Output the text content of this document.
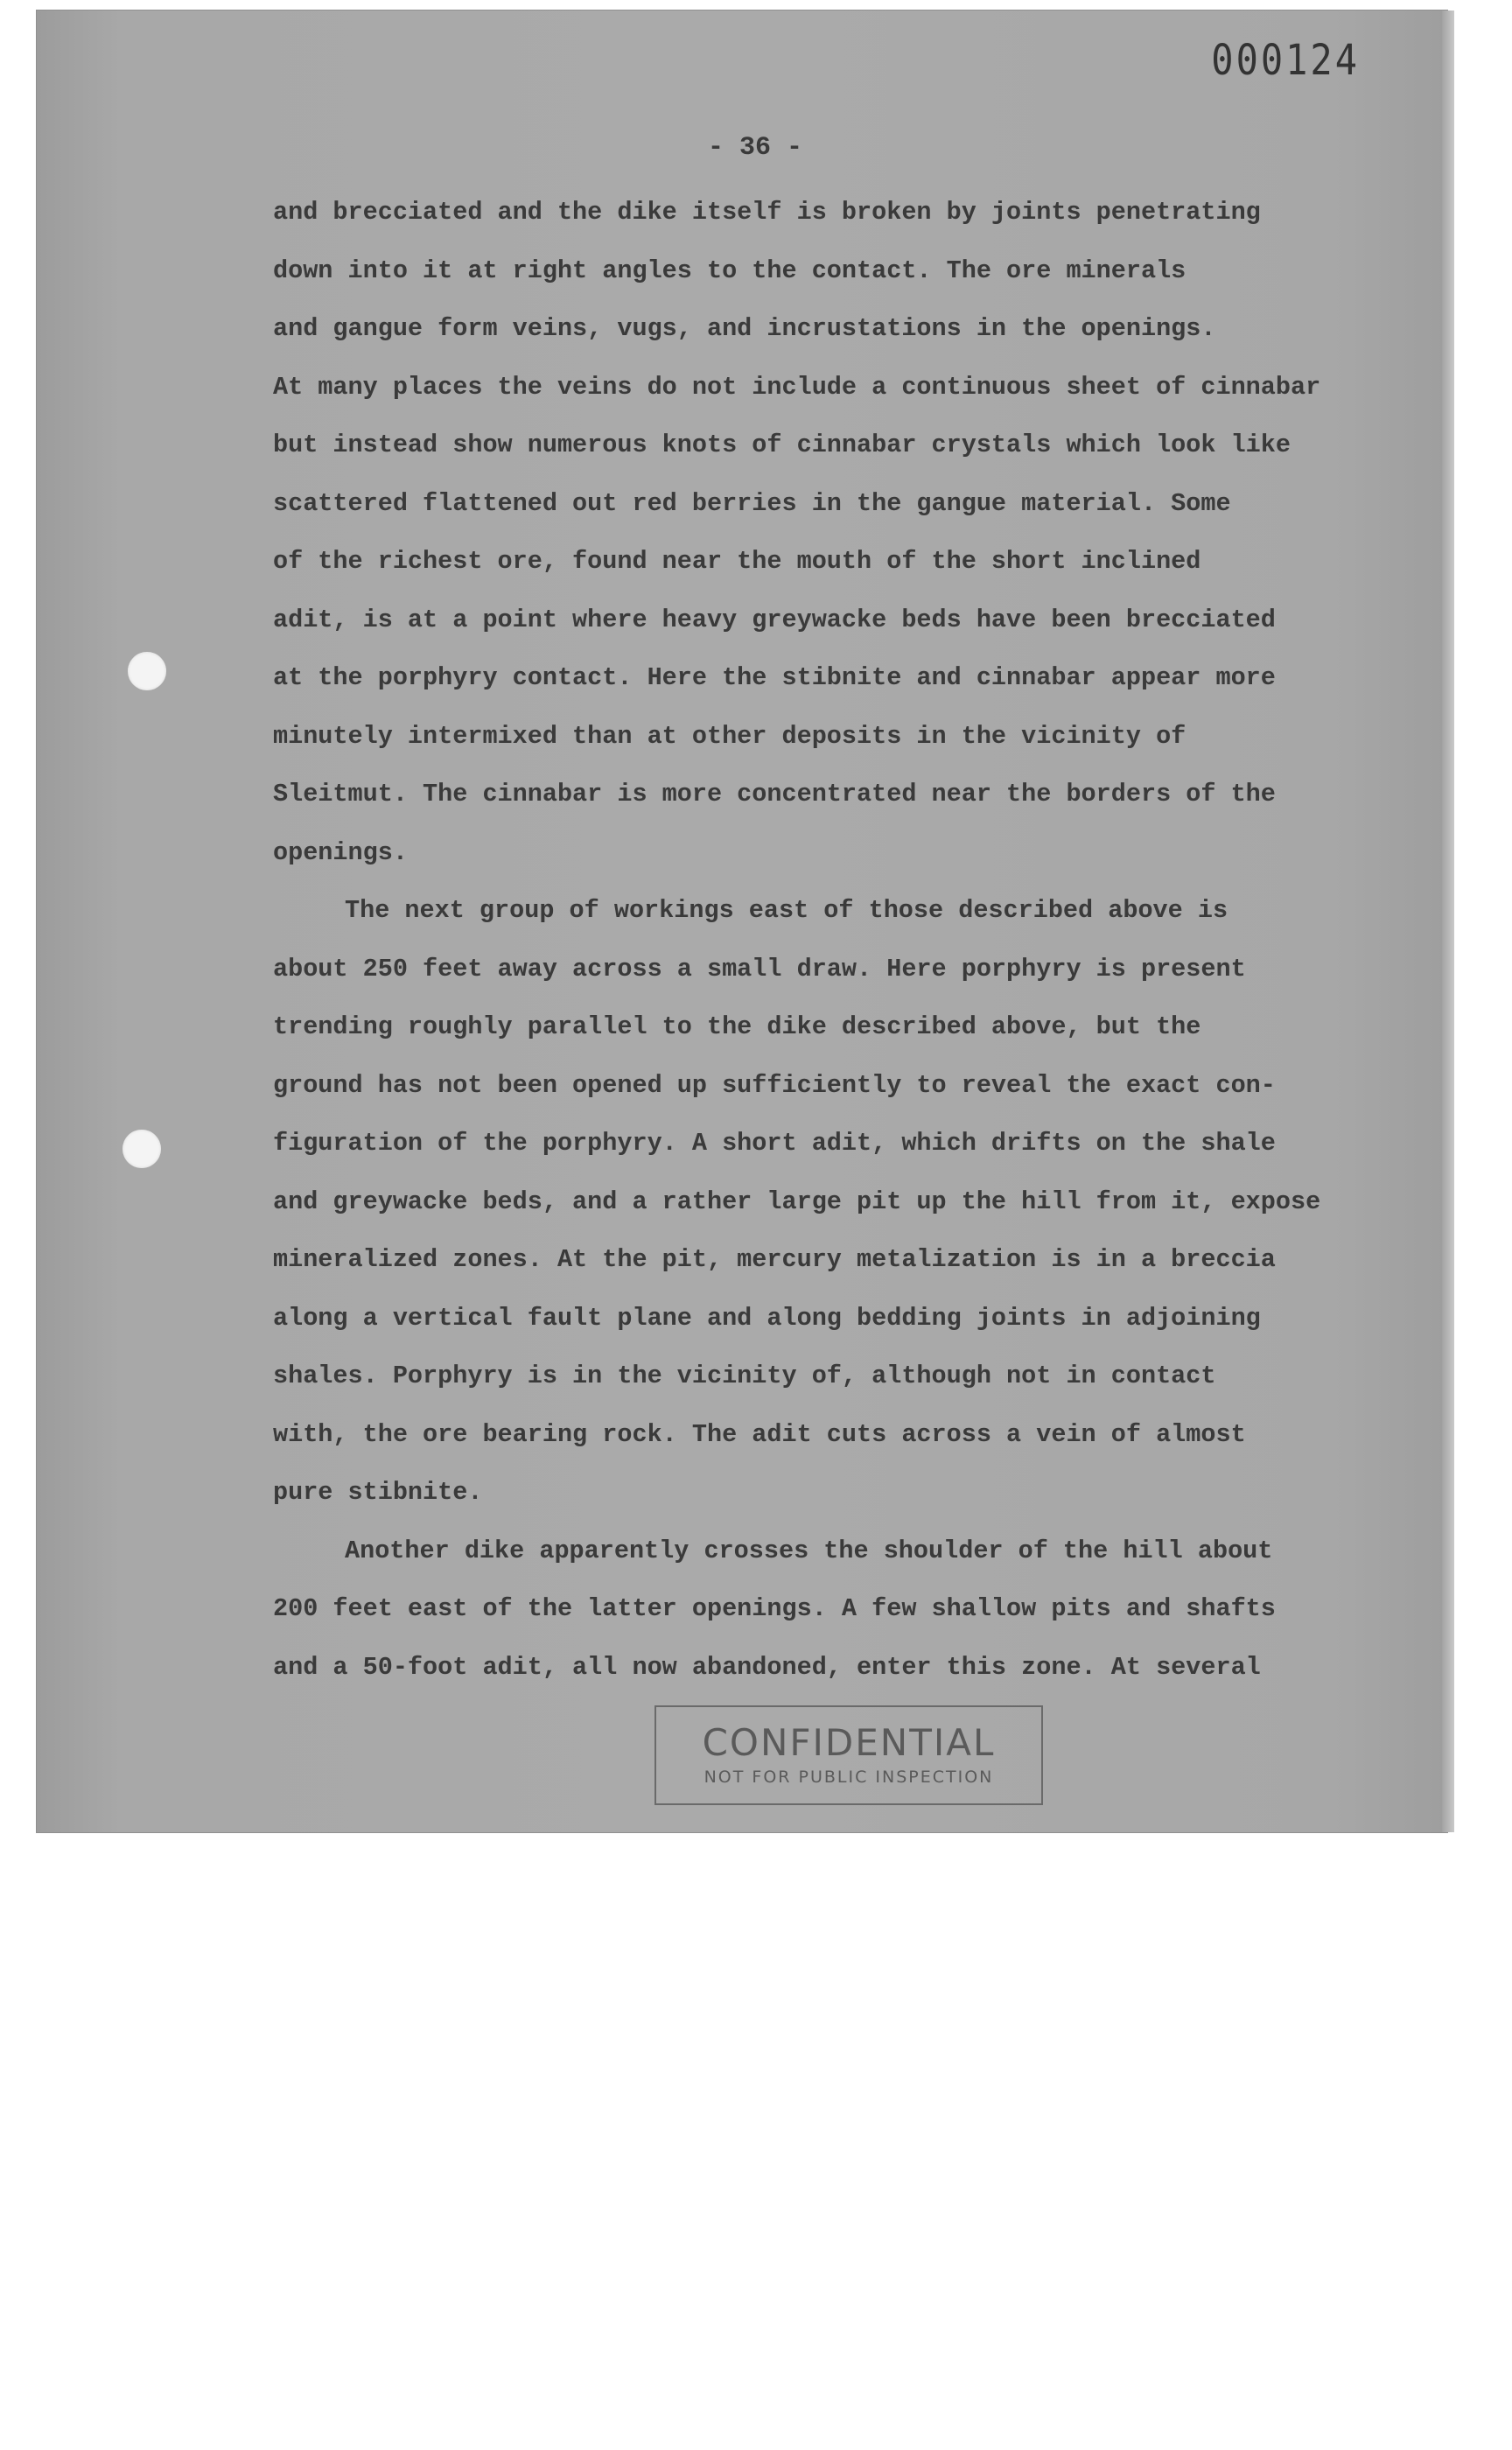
000124
- 36 -
and brecciated and the dike itself is broken by joints penetrating
down into it at right angles to the contact. The ore minerals
and gangue form veins, vugs, and incrustations in the openings.
At many places the veins do not include a continuous sheet of cinnabar
but instead show numerous knots of cinnabar crystals which look like
scattered flattened out red berries in the gangue material. Some
of the richest ore, found near the mouth of the short inclined
adit, is at a point where heavy greywacke beds have been brecciated
at the porphyry contact. Here the stibnite and cinnabar appear more
minutely intermixed than at other deposits in the vicinity of
Sleitmut. The cinnabar is more concentrated near the borders of the
openings.
The next group of workings east of those described above is
about 250 feet away across a small draw. Here porphyry is present
trending roughly parallel to the dike described above, but the
ground has not been opened up sufficiently to reveal the exact con-
figuration of the porphyry. A short adit, which drifts on the shale
and greywacke beds, and a rather large pit up the hill from it, expose
mineralized zones. At the pit, mercury metalization is in a breccia
along a vertical fault plane and along bedding joints in adjoining
shales. Porphyry is in the vicinity of, although not in contact
with, the ore bearing rock. The adit cuts across a vein of almost
pure stibnite.
Another dike apparently crosses the shoulder of the hill about
200 feet east of the latter openings. A few shallow pits and shafts
and a 50-foot adit, all now abandoned, enter this zone. At several
CONFIDENTIAL
NOT FOR PUBLIC INSPECTION
